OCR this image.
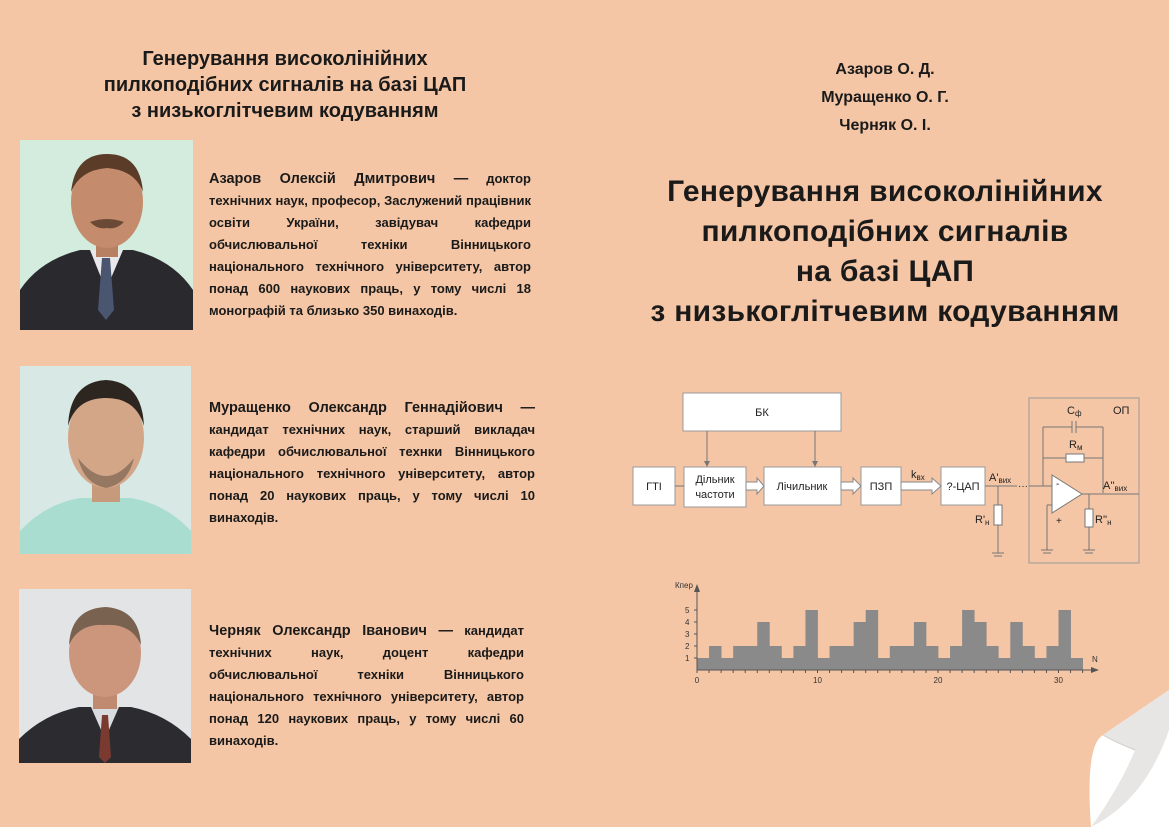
Генерування високолінійних
пилкоподібних сигналів на базі ЦАП
з низькоглітчевим кодуванням
Азаров Олексій Дмитрович — доктор технічних наук, професор, Заслужений працівник освіти України, завідувач кафедри обчислювальної техніки Вінницького національного технічного університету, автор понад 600 наукових праць, у тому числі 18 монографій та близько 350 винаходів.
Муращенко Олександр Геннадійович — кандидат технічних наук, старший викладач кафедри обчислювальної технки Вінницького національного технічного університету, автор понад 20 наукових праць, у тому числі 10 винаходів.
Черняк Олександр Іванович — кандидат технічних наук, доцент кафедри обчислювальної техніки Вінницького національного технічного університету, автор понад 120 наукових праць, у тому числі 60 винаходів.
Азаров О. Д.
Муращенко О. Г.
Черняк О. І.
Генерування високолінійних
пилкоподібних сигналів
на базі ЦАП
з низькоглітчевим кодуванням
БК
ГТІ
Дільник
частоти
Лічильник	ПЗП	?-ЦАП
kвх	A'вих
···
R'н
ОП
Cф
Rм
-
+
A''вих
R''н
1
2
3
4
5
0	10	20	30
Кпер
N
